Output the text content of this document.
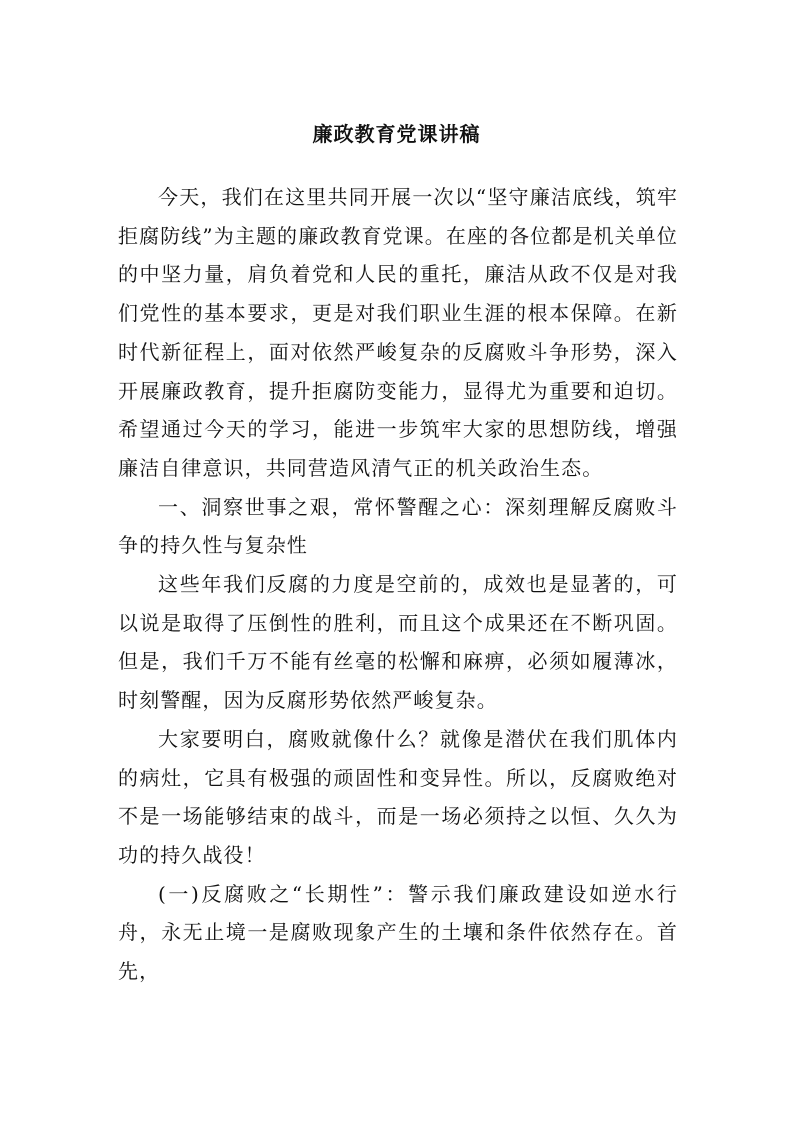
廉政教育党课讲稿

今天，我们在这里共同开展一次以“坚守廉洁底线，筑牢拒腐防线”为主题的廉政教育党课。在座的各位都是机关单位的中坚力量，肩负着党和人民的重托，廉洁从政不仅是对我们党性的基本要求，更是对我们职业生涯的根本保障。在新时代新征程上，面对依然严峻复杂的反腐败斗争形势，深入开展廉政教育，提升拒腐防变能力，显得尤为重要和迫切。希望通过今天的学习，能进一步筑牢大家的思想防线，增强廉洁自律意识，共同营造风清气正的机关政治生态。

一、洞察世事之艰，常怀警醒之心：深刻理解反腐败斗争的持久性与复杂性

这些年我们反腐的力度是空前的，成效也是显著的，可以说是取得了压倒性的胜利，而且这个成果还在不断巩固。但是，我们千万不能有丝毫的松懈和麻痹，必须如履薄冰，时刻警醒，因为反腐形势依然严峻复杂。

大家要明白，腐败就像什么？就像是潜伏在我们肌体内的病灶，它具有极强的顽固性和变异性。所以，反腐败绝对不是一场能够结束的战斗，而是一场必须持之以恒、久久为功的持久战役！

(一)反腐败之“长期性”：警示我们廉政建设如逆水行舟，永无止境一是腐败现象产生的土壤和条件依然存在。首先，
